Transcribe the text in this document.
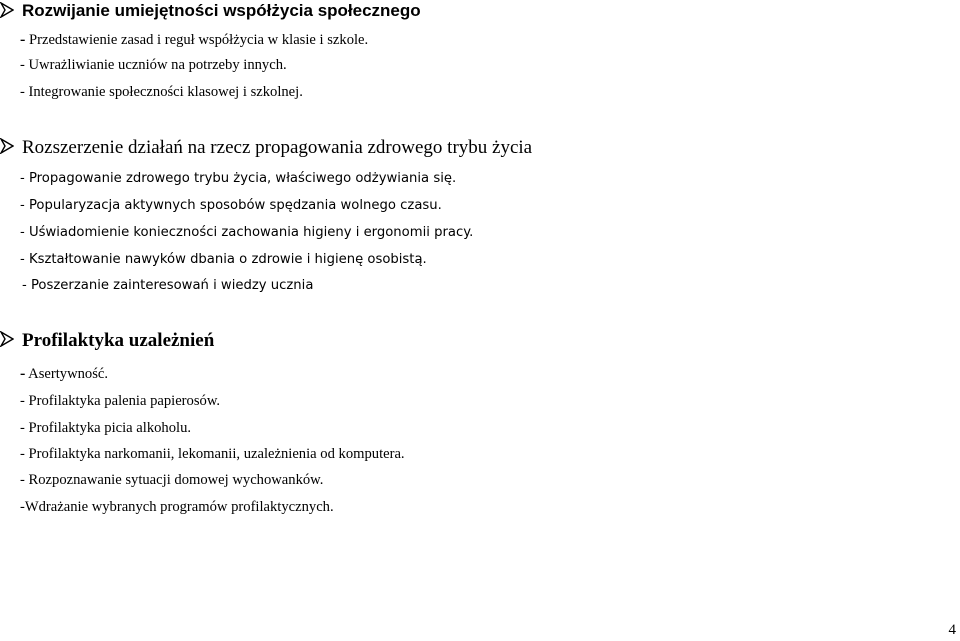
Rozwijanie umiejętności współżycia społecznego
- Przedstawienie zasad i reguł współżycia w klasie i szkole.
- Uwrażliwianie uczniów na potrzeby innych.
- Integrowanie społeczności klasowej i szkolnej.
Rozszerzenie działań na rzecz propagowania zdrowego trybu życia
- Propagowanie zdrowego trybu życia, właściwego odżywiania się.
- Popularyzacja aktywnych sposobów spędzania wolnego czasu.
- Uświadomienie konieczności zachowania higieny i ergonomii pracy.
- Kształtowanie nawyków dbania o zdrowie i higienę osobistą.
- Poszerzanie zainteresowań i wiedzy ucznia
Profilaktyka uzależnień
- Asertywność.
- Profilaktyka palenia papierosów.
- Profilaktyka picia alkoholu.
- Profilaktyka narkomanii, lekomanii, uzależnienia od komputera.
- Rozpoznawanie sytuacji domowej wychowanków.
-Wdrażanie wybranych programów profilaktycznych.
4
